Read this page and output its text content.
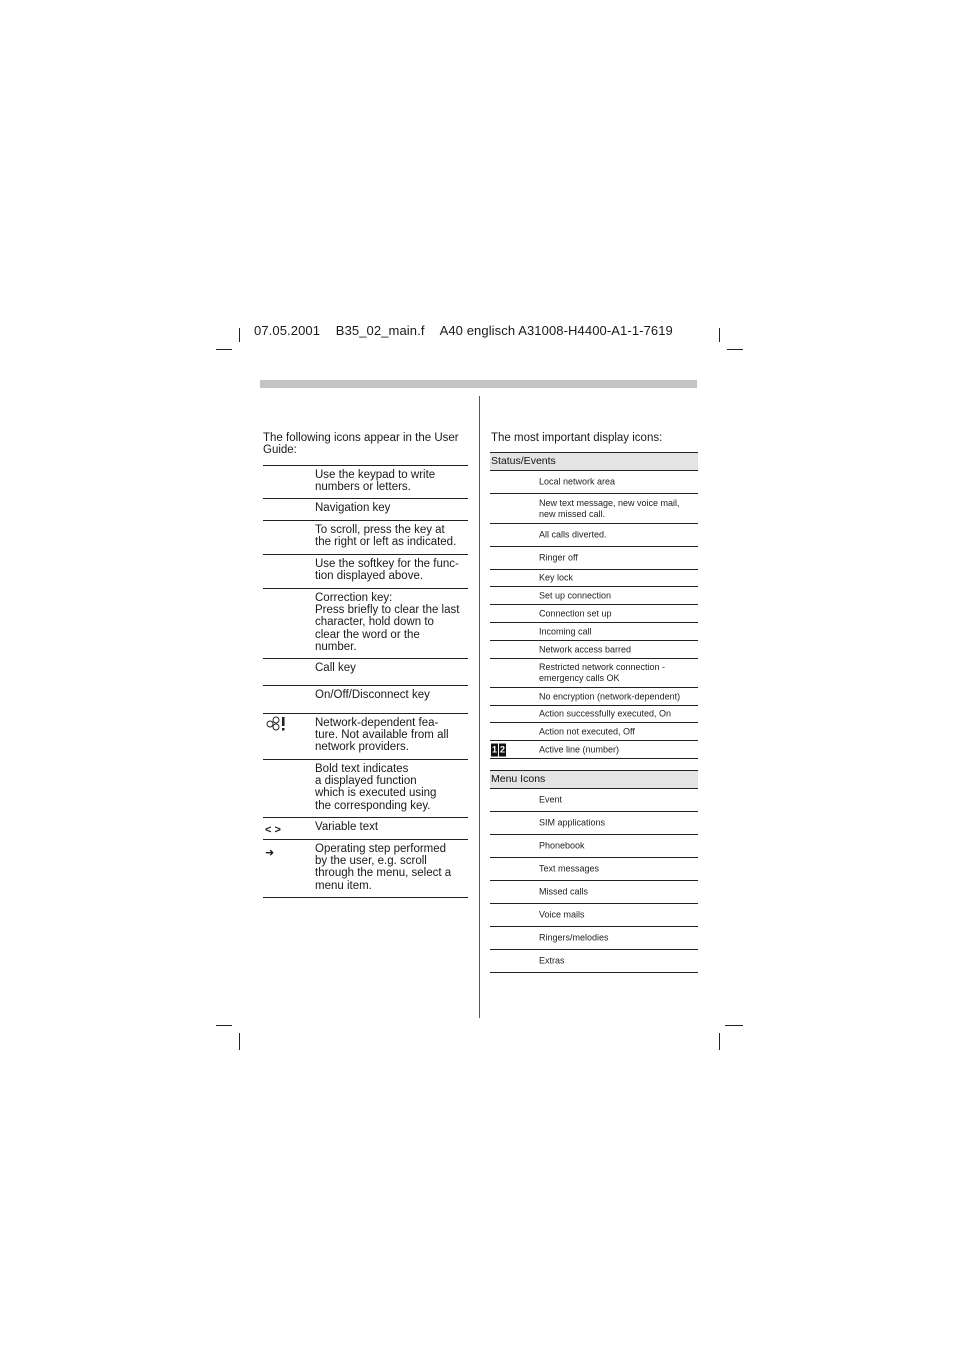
07.05.2001 B35_02_main.f A40 englisch A31008-H4400-A1-1-7619
The following icons appear in the User Guide:
Use the keypad to write
numbers or letters.
Navigation key
To scroll, press the key at
the right or left as indicated.
Use the softkey for the func-
tion displayed above.
Correction key:
Press briefly to clear the last
character, hold down to
clear the word or the
number.
Call key
On/Off/Disconnect key
Network-dependent fea-
ture. Not available from all
network providers.
Bold text indicates
a displayed function
which is executed using
the corresponding key.
< >	Variable text
➜	Operating step performed
by the user, e.g. scroll
through the menu, select a
menu item.
The most important display icons:
Status/Events
Local network area
New text message, new voice mail,
new missed call.
All calls diverted.
Ringer off
Key lock
Set up connection
Connection set up
Incoming call
Network access barred
Restricted network connection -
emergency calls OK
No encryption (network-dependent)
Action successfully executed, On
Action not executed, Off
1 2	Active line (number)
Menu Icons
Event
SIM applications
Phonebook
Text messages
Missed calls
Voice mails
Ringers/melodies
Extras
